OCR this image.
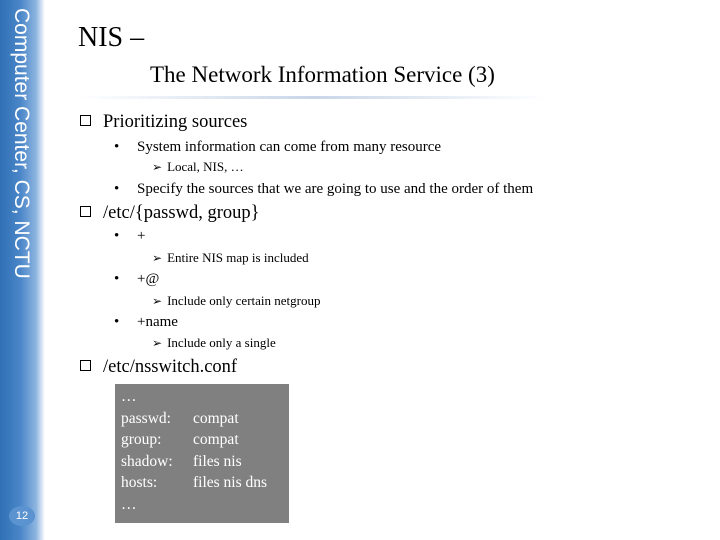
Computer Center, CS, NCTU
12
NIS –
The Network Information Service (3)
Prioritizing sources
• System information can come from many resource
➢ Local, NIS, …
• Specify the sources that we are going to use and the order of them
/etc/{passwd, group}
• +
➢ Entire NIS map is included
• +@
➢ Include only certain netgroup
• +name
➢ Include only a single
/etc/nsswitch.conf
…
passwd: compat
group: compat
shadow: files nis
hosts: files nis dns
…
